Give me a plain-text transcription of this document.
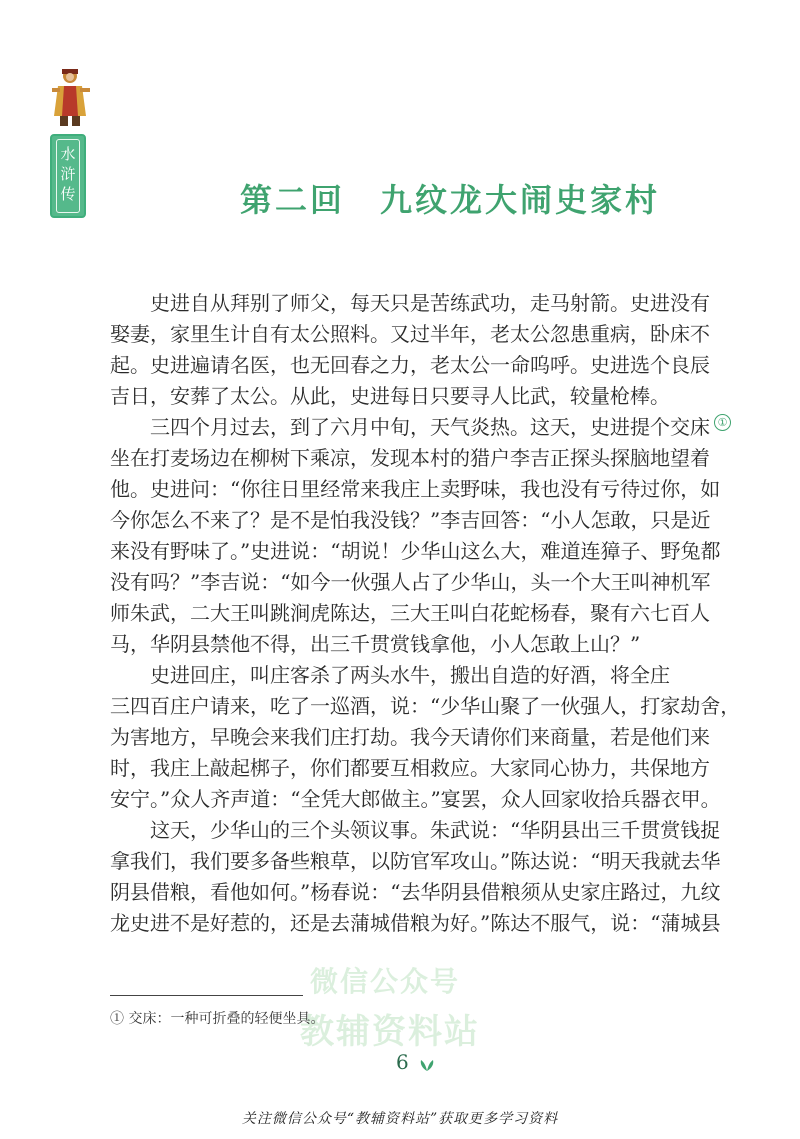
水浒传	第二回　九纹龙大闹史家村
史进自从拜别了师父，每天只是苦练武功，走马射箭。史进没有
娶妻，家里生计自有太公照料。又过半年，老太公忽患重病，卧床不
起。史进遍请名医，也无回春之力，老太公一命呜呼。史进选个良辰
吉日，安葬了太公。从此，史进每日只要寻人比武，较量枪棒。
三四个月过去，到了六月中旬，天气炎热。这天，史进提个交床 ①
坐在打麦场边在柳树下乘凉，发现本村的猎户李吉正探头探脑地望着
他。史进问：“你往日里经常来我庄上卖野味，我也没有亏待过你，如
今你怎么不来了？是不是怕我没钱？”李吉回答：“小人怎敢，只是近
来没有野味了。”史进说：“胡说！少华山这么大，难道连獐子、野兔都
没有吗？”李吉说：“如今一伙强人占了少华山，头一个大王叫神机军
师朱武，二大王叫跳涧虎陈达，三大王叫白花蛇杨春，聚有六七百人
马，华阴县禁他不得，出三千贯赏钱拿他，小人怎敢上山？”
史进回庄，叫庄客杀了两头水牛，搬出自造的好酒，将全庄
三四百庄户请来，吃了一巡酒，说：“少华山聚了一伙强人，打家劫舍，
为害地方，早晚会来我们庄打劫。我今天请你们来商量，若是他们来
时，我庄上敲起梆子，你们都要互相救应。大家同心协力，共保地方
安宁。”众人齐声道：“全凭大郎做主。”宴罢，众人回家收拾兵器衣甲。
这天，少华山的三个头领议事。朱武说：“华阴县出三千贯赏钱捉
拿我们，我们要多备些粮草，以防官军攻山。”陈达说：“明天我就去华
阴县借粮，看他如何。”杨春说：“去华阴县借粮须从史家庄路过，九纹
龙史进不是好惹的，还是去蒲城借粮为好。”陈达不服气，说：“蒲城县
微信公众号
教辅资料站
① 交床：一种可折叠的轻便坐具。
6
关注微信公众号“教辅资料站”获取更多学习资料
